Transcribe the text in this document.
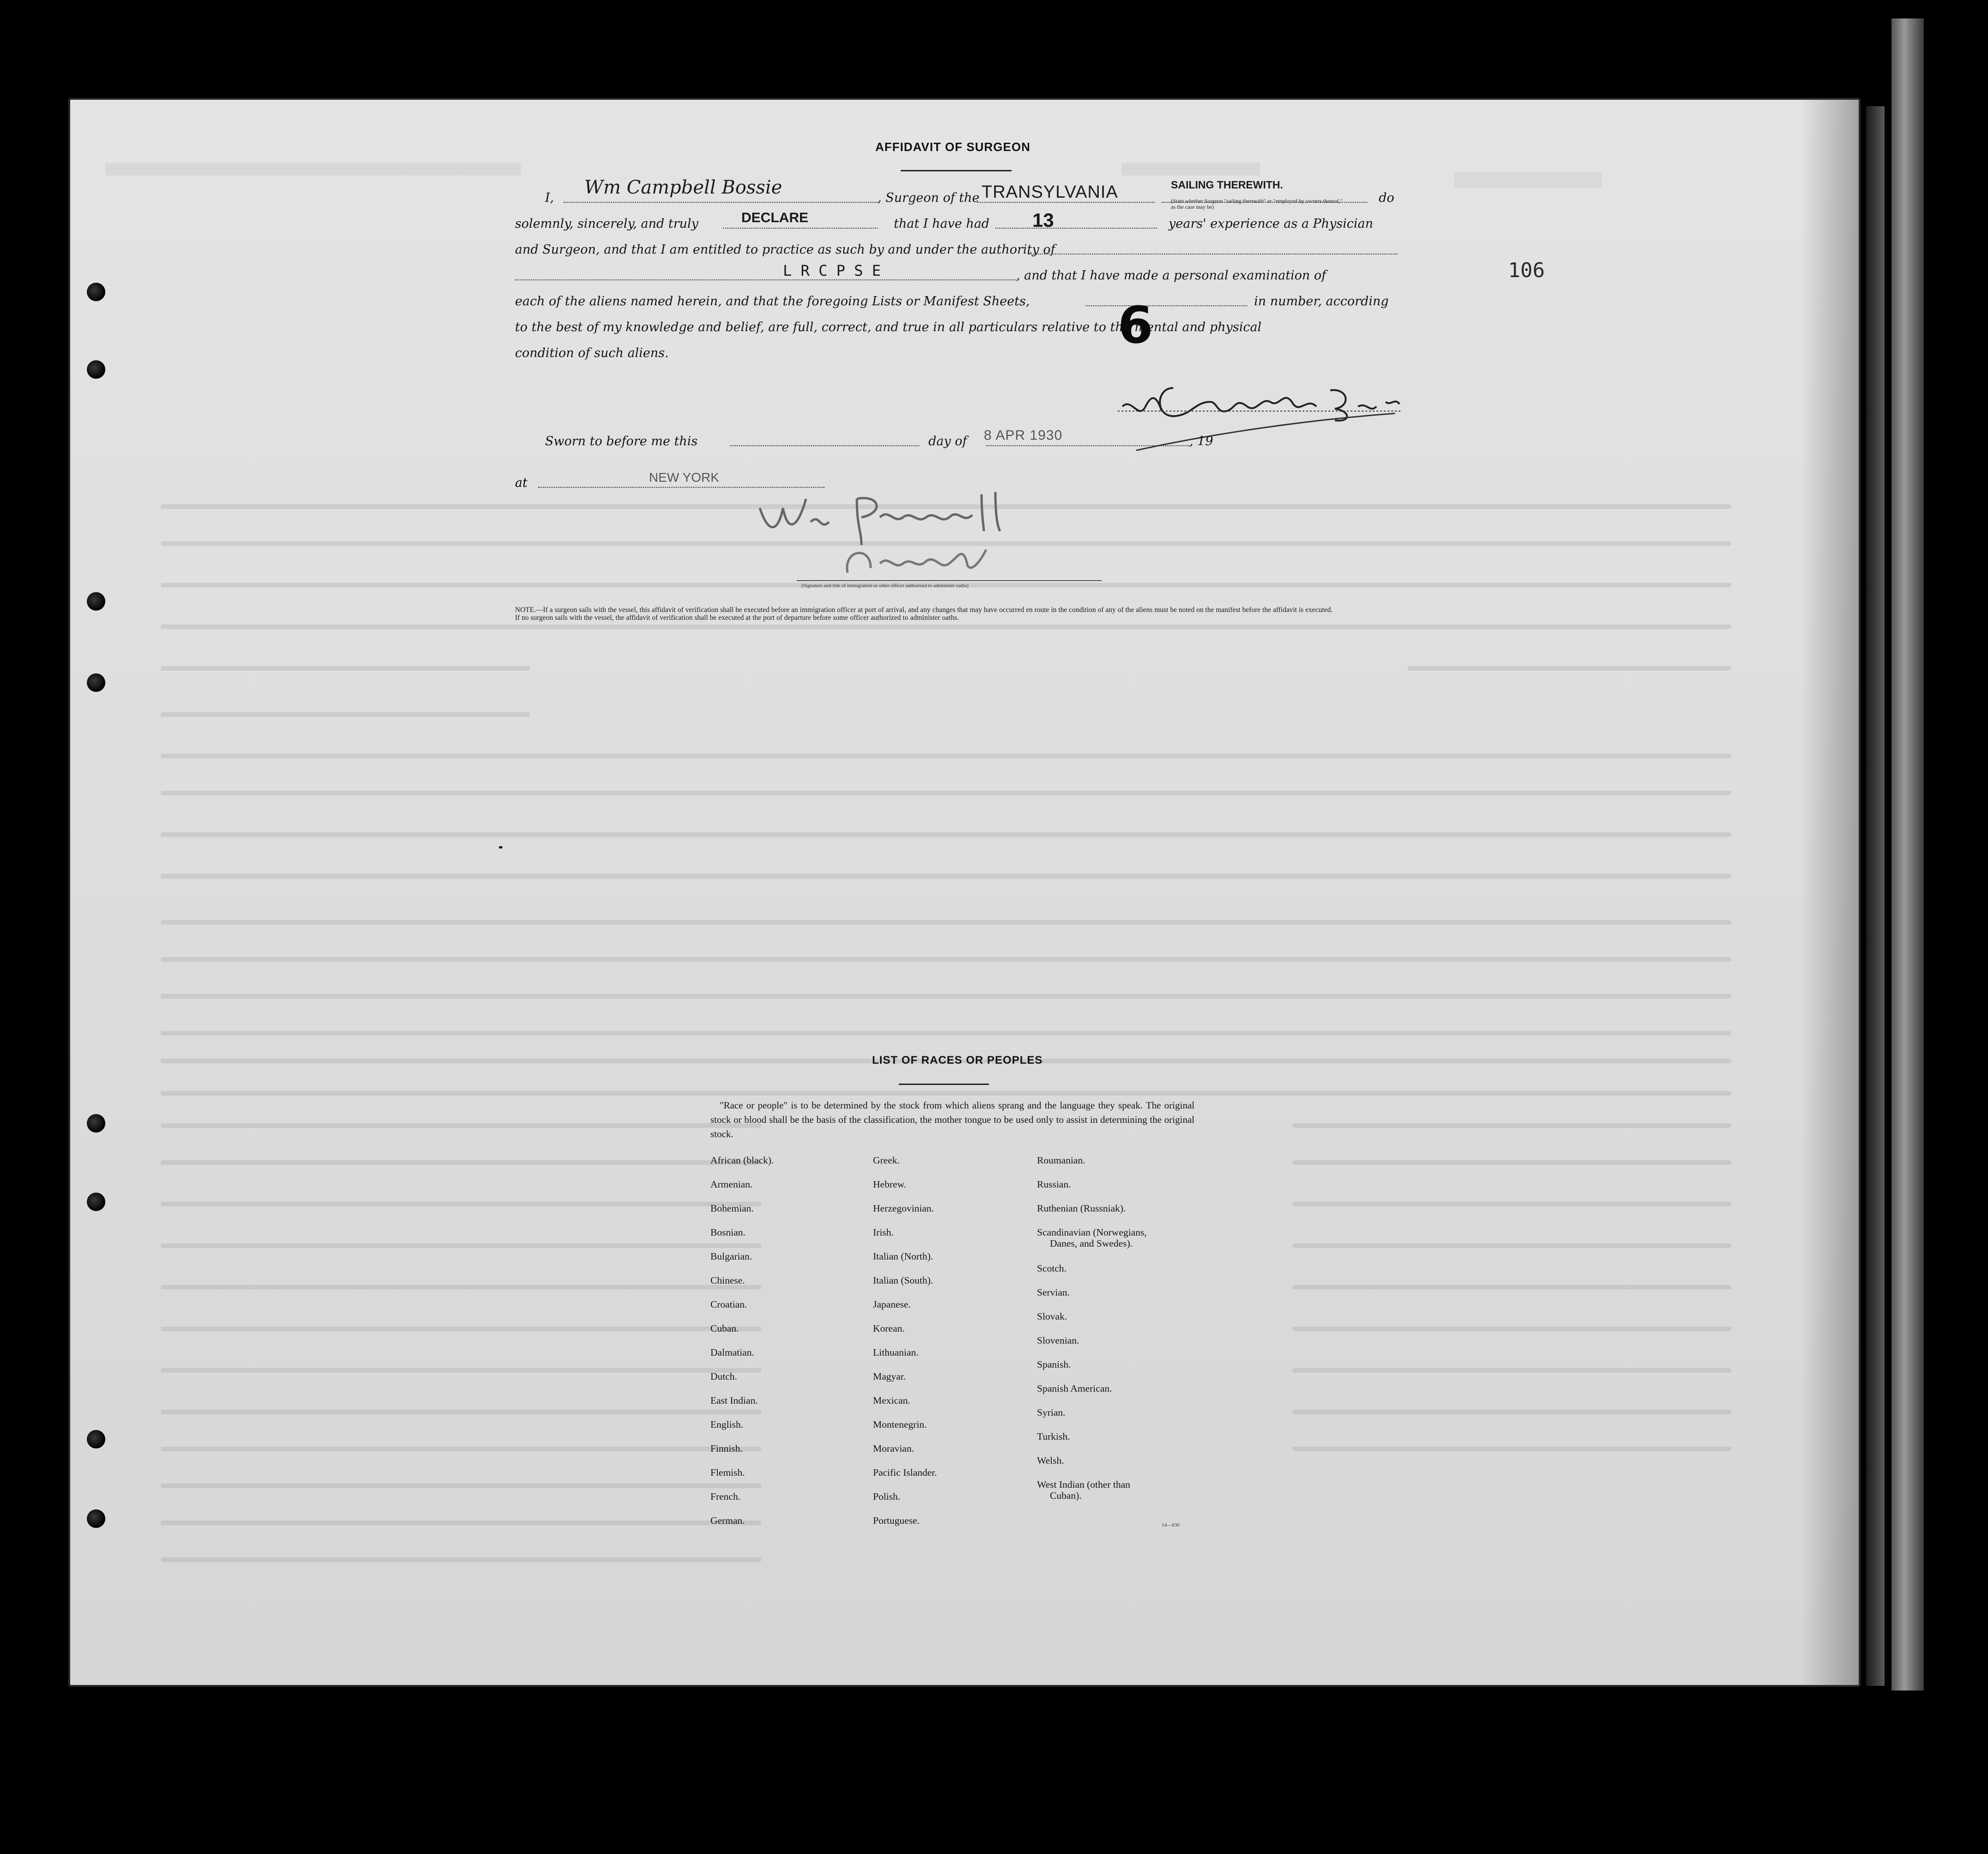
106
AFFIDAVIT OF SURGEON
I, Wm Campbell Bossie	, Surgeon of the TRANSYLVANIA	SAILING THEREWITH.
do
solemnly, sincerely, and truly	DECLARE	that I have had 13
(State whether Surgeon "sailing therewith" or "employed by owners thereof," as the case may be)
years' experience as a Physician
and Surgeon, and that I am entitled to practice as such by and under the authority of
L R C P S E	, and that I have made a personal examination of
each of the aliens named herein, and that the foregoing Lists or Manifest Sheets,	in number, according
to the best of my knowledge and belief, are full, correct, and true in all particulars relative to the mental and physical
condition of such aliens.	6
Sworn to before me this	day of 8 APR 1930	, 19
at	NEW YORK
(Signature and title of immigration or other officer authorized to administer oaths)

NOTE.—If a surgeon sails with the vessel, this affidavit of verification shall be executed before an immigration officer at port of arrival, and any changes that may have occurred en route in the condition of any of the aliens must be noted on the manifest before the affidavit is executed.

If no surgeon sails with the vessel, the affidavit of verification shall be executed at the port of departure before some officer authorized to administer oaths.

LIST OF RACES OR PEOPLES
"Race or people" is to be determined by the stock from which aliens sprang and the language they speak. The original stock or blood shall be the basis of the classification, the mother tongue to be used only to assist in determining the original stock.
African (black).
Armenian.
Bohemian.
Bosnian.
Bulgarian.
Chinese.
Croatian.
Cuban.
Dalmatian.
Dutch.
East Indian.
English.
Finnish.
Flemish.
French.
German.
Greek.
Hebrew.
Herzegovinian.
Irish.
Italian (North).
Italian (South).
Japanese.
Korean.
Lithuanian.
Magyar.
Mexican.
Montenegrin.
Moravian.
Pacific Islander.
Polish.
Portuguese.
Roumanian.
Russian.
Ruthenian (Russniak).
Scandinavian (Norwegians,
Danes, and Swedes).
Scotch.
Servian.
Slovak.
Slovenian.
Spanish.
Spanish American.
Syrian.
Turkish.
Welsh.
West Indian (other than
Cuban).
14—630
